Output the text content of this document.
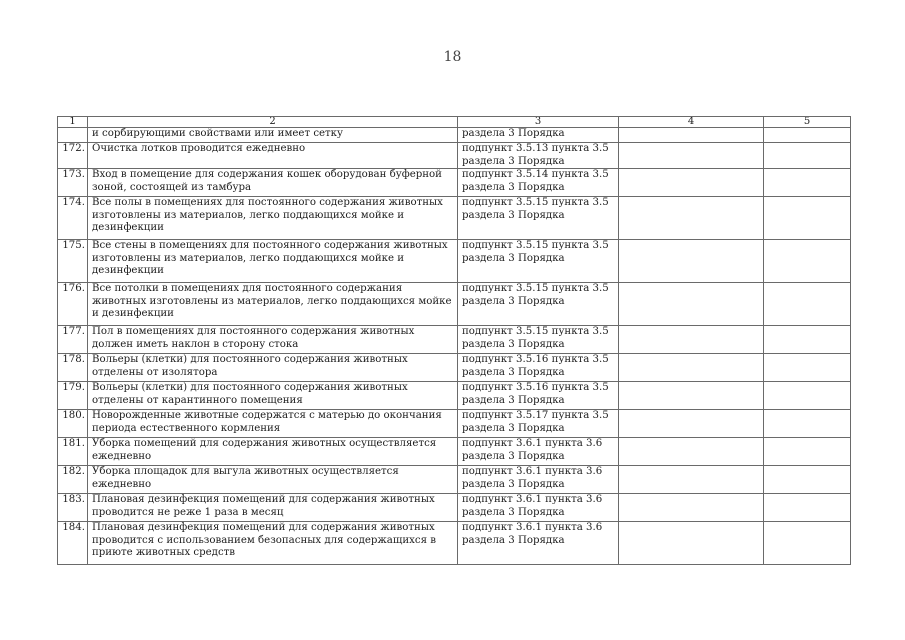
18
1	2	3	4	5
	и сорбирующими свойствами или имеет сетку	раздела 3 Порядка		
172.	Очистка лотков проводится ежедневно	подпункт 3.5.13 пункта 3.5 раздела 3 Порядка		
173.	Вход в помещение для содержания кошек оборудован буферной зоной, состоящей из тамбура	подпункт 3.5.14 пункта 3.5 раздела 3 Порядка		
174.	Все полы в помещениях для постоянного содержания животных изготовлены из материалов, легко поддающихся мойке и дезинфекции	подпункт 3.5.15 пункта 3.5 раздела 3 Порядка		
175.	Все стены в помещениях для постоянного содержания животных изготовлены из материалов, легко поддающихся мойке и дезинфекции	подпункт 3.5.15 пункта 3.5 раздела 3 Порядка		
176.	Все потолки в помещениях для постоянного содержания животных изготовлены из материалов, легко поддающихся мойке и дезинфекции	подпункт 3.5.15 пункта 3.5 раздела 3 Порядка		
177.	Пол в помещениях для постоянного содержания животных должен иметь наклон в сторону стока	подпункт 3.5.15 пункта 3.5 раздела 3 Порядка		
178.	Вольеры (клетки) для постоянного содержания животных отделены от изолятора	подпункт 3.5.16 пункта 3.5 раздела 3 Порядка		
179.	Вольеры (клетки) для постоянного содержания животных отделены от карантинного помещения	подпункт 3.5.16 пункта 3.5 раздела 3 Порядка		
180.	Новорожденные животные содержатся с матерью до окончания периода естественного кормления	подпункт 3.5.17 пункта 3.5 раздела 3 Порядка		
181.	Уборка помещений для содержания животных осуществляется ежедневно	подпункт 3.6.1 пункта 3.6 раздела 3 Порядка		
182.	Уборка площадок для выгула животных осуществляется ежедневно	подпункт 3.6.1 пункта 3.6 раздела 3 Порядка		
183.	Плановая дезинфекция помещений для содержания животных проводится не реже 1 раза в месяц	подпункт 3.6.1 пункта 3.6 раздела 3 Порядка		
184.	Плановая дезинфекция помещений для содержания животных проводится с использованием безопасных для содержащихся в приюте животных средств	подпункт 3.6.1 пункта 3.6 раздела 3 Порядка		
